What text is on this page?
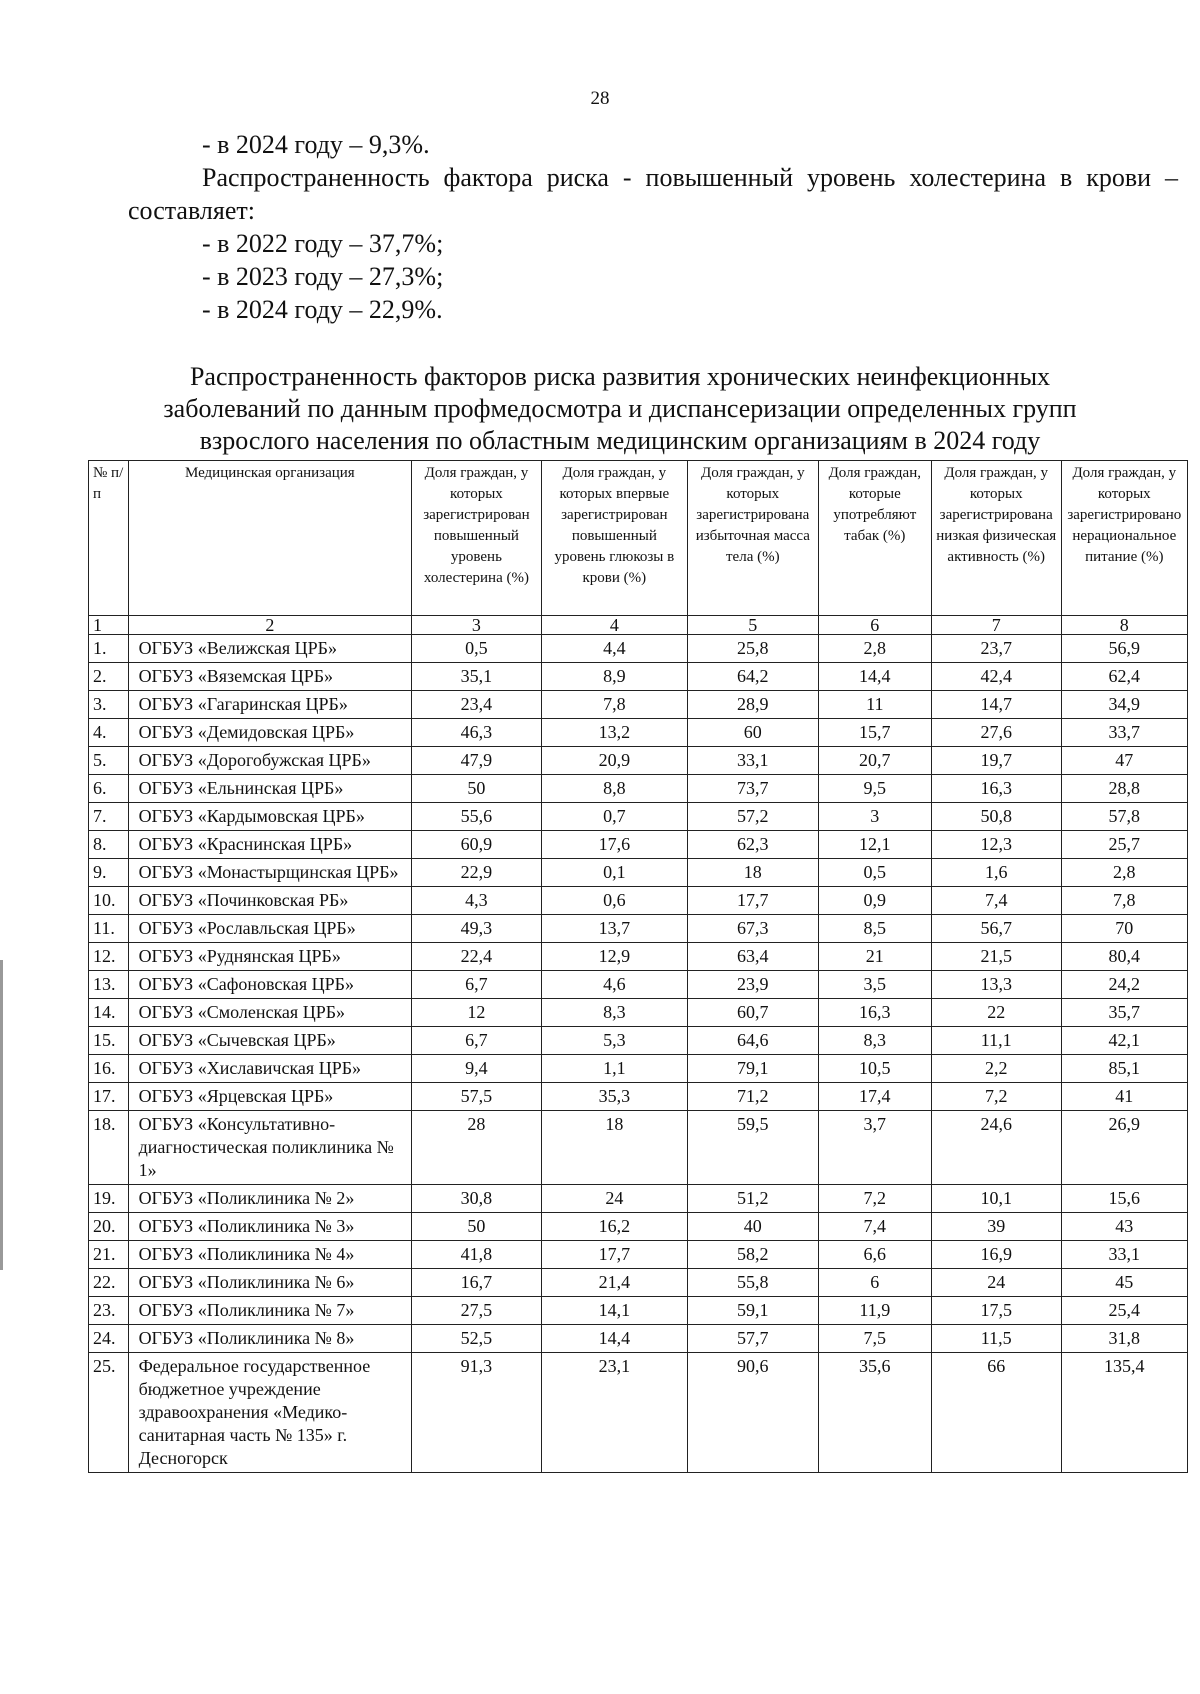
28
- в 2024 году – 9,3%.
Распространенность фактора риска - повышенный уровень холестерина в крови – составляет:
- в 2022 году – 37,7%;
- в 2023 году – 27,3%;
- в 2024 году – 22,9%.
Распространенность факторов риска развития хронических неинфекционных заболеваний по данным профмедосмотра и диспансеризации определенных групп взрослого населения по областным медицинским организациям в 2024 году
№ п/п	Медицинская организация	Доля граждан, у которых зарегистрирован повышенный уровень холестерина (%)	Доля граждан, у которых впервые зарегистрирован повышенный уровень глюкозы в крови (%)	Доля граждан, у которых зарегистрирована избыточная масса тела (%)	Доля граждан, которые употребляют табак (%)	Доля граждан, у которых зарегистрирована низкая физическая активность (%)	Доля граждан, у которых зарегистрировано нерациональное питание (%)
1	2	3	4	5	6	7	8
1.	ОГБУЗ «Велижская ЦРБ»	0,5	4,4	25,8	2,8	23,7	56,9
2.	ОГБУЗ «Вяземская ЦРБ»	35,1	8,9	64,2	14,4	42,4	62,4
3.	ОГБУЗ «Гагаринская ЦРБ»	23,4	7,8	28,9	11	14,7	34,9
4.	ОГБУЗ «Демидовская ЦРБ»	46,3	13,2	60	15,7	27,6	33,7
5.	ОГБУЗ «Дорогобужская ЦРБ»	47,9	20,9	33,1	20,7	19,7	47
6.	ОГБУЗ «Ельнинская ЦРБ»	50	8,8	73,7	9,5	16,3	28,8
7.	ОГБУЗ «Кардымовская ЦРБ»	55,6	0,7	57,2	3	50,8	57,8
8.	ОГБУЗ «Краснинская ЦРБ»	60,9	17,6	62,3	12,1	12,3	25,7
9.	ОГБУЗ «Монастырщинская ЦРБ»	22,9	0,1	18	0,5	1,6	2,8
10.	ОГБУЗ «Починковская РБ»	4,3	0,6	17,7	0,9	7,4	7,8
11.	ОГБУЗ «Рославльская ЦРБ»	49,3	13,7	67,3	8,5	56,7	70
12.	ОГБУЗ «Руднянская ЦРБ»	22,4	12,9	63,4	21	21,5	80,4
13.	ОГБУЗ «Сафоновская ЦРБ»	6,7	4,6	23,9	3,5	13,3	24,2
14.	ОГБУЗ «Смоленская ЦРБ»	12	8,3	60,7	16,3	22	35,7
15.	ОГБУЗ «Сычевская ЦРБ»	6,7	5,3	64,6	8,3	11,1	42,1
16.	ОГБУЗ «Хиславичская ЦРБ»	9,4	1,1	79,1	10,5	2,2	85,1
17.	ОГБУЗ «Ярцевская ЦРБ»	57,5	35,3	71,2	17,4	7,2	41
18.	ОГБУЗ «Консультативно-диагностическая поликлиника № 1»	28	18	59,5	3,7	24,6	26,9
19.	ОГБУЗ «Поликлиника № 2»	30,8	24	51,2	7,2	10,1	15,6
20.	ОГБУЗ «Поликлиника № 3»	50	16,2	40	7,4	39	43
21.	ОГБУЗ «Поликлиника № 4»	41,8	17,7	58,2	6,6	16,9	33,1
22.	ОГБУЗ «Поликлиника № 6»	16,7	21,4	55,8	6	24	45
23.	ОГБУЗ «Поликлиника № 7»	27,5	14,1	59,1	11,9	17,5	25,4
24.	ОГБУЗ «Поликлиника № 8»	52,5	14,4	57,7	7,5	11,5	31,8
25.	Федеральное государственное бюджетное учреждение здравоохранения «Медико-санитарная часть № 135» г. Десногорск	91,3	23,1	90,6	35,6	66	135,4
